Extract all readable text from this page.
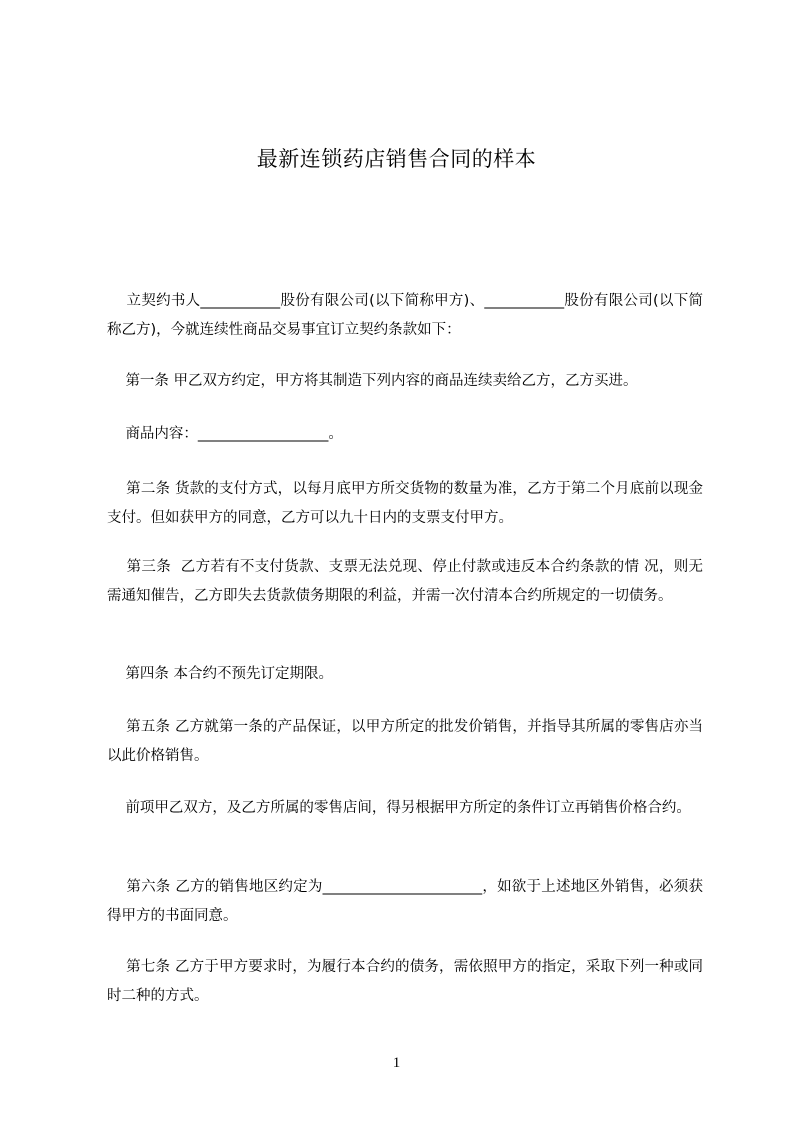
最新连锁药店销售合同的样本
立契约书人___________股份有限公司(以下简称甲方)、___________股份有限公司(以下简称乙方)，今就连续性商品交易事宜订立契约条款如下：
第一条 甲乙双方约定，甲方将其制造下列内容的商品连续卖给乙方，乙方买进。
商品内容：__________________。
第二条 货款的支付方式，以每月底甲方所交货物的数量为准，乙方于第二个月底前以现金支付。但如获甲方的同意，乙方可以九十日内的支票支付甲方。
第三条  乙方若有不支付货款、支票无法兑现、停止付款或违反本合约条款的情 况，则无需通知催告，乙方即失去货款债务期限的利益，并需一次付清本合约所规定的一切债务。
第四条 本合约不预先订定期限。
第五条 乙方就第一条的产品保证，以甲方所定的批发价销售，并指导其所属的零售店亦当以此价格销售。
前项甲乙双方，及乙方所属的零售店间，得另根据甲方所定的条件订立再销售价格合约。
第六条 乙方的销售地区约定为______________________，如欲于上述地区外销售，必须获得甲方的书面同意。
第七条 乙方于甲方要求时，为履行本合约的债务，需依照甲方的指定，采取下列一种或同时二种的方式。
1
